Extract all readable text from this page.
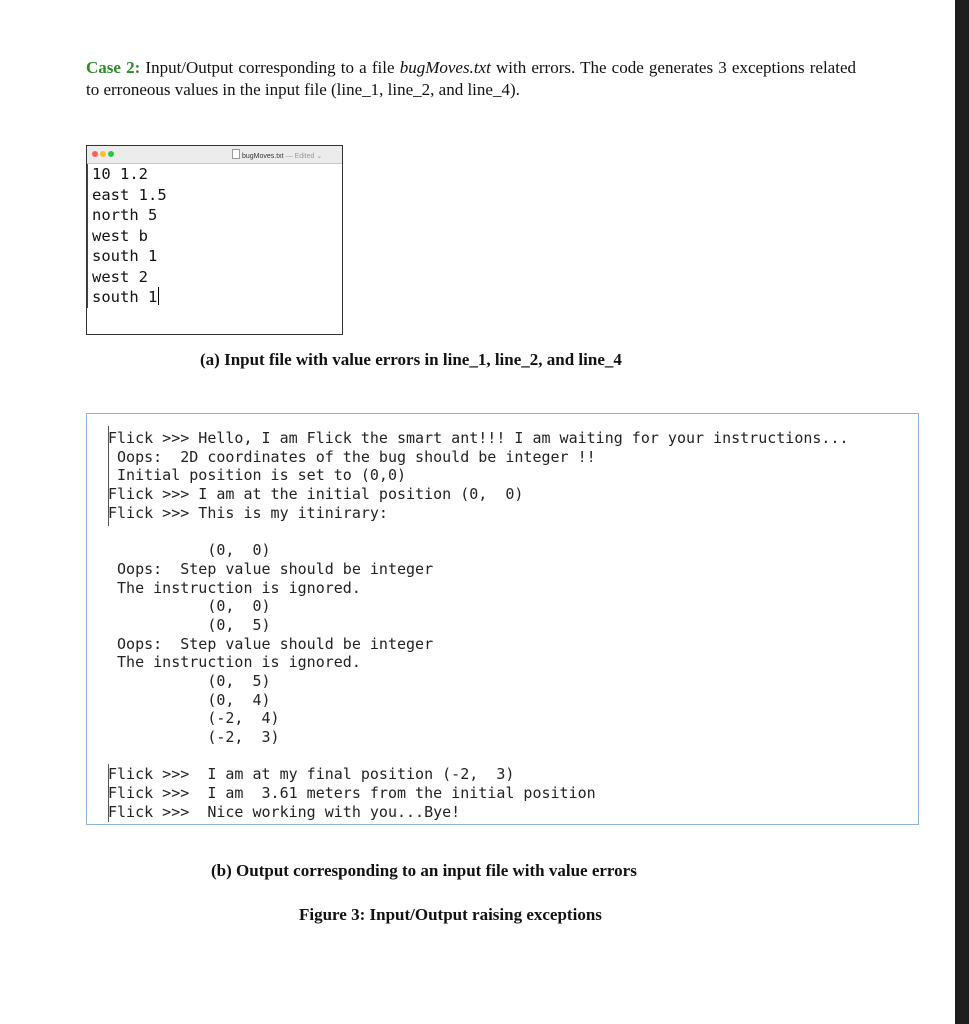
Case 2: Input/Output corresponding to a file bugMoves.txt with errors. The code generates 3 exceptions related to erroneous values in the input file (line_1, line_2, and line_4).

bugMoves.txt — Edited ⌄
10 1.2
east 1.5
north 5
west b
south 1
west 2
south 1
(a) Input file with value errors in line_1, line_2, and line_4
Flick >>> Hello, I am Flick the smart ant!!! I am waiting for your instructions...
Oops:  2D coordinates of the bug should be integer !!
Initial position is set to (0,0)
Flick >>> I am at the initial position (0,  0)
Flick >>> This is my itinirary:
(0,  0)
Oops:  Step value should be integer
The instruction is ignored.
(0,  0)
(0,  5)
Oops:  Step value should be integer
The instruction is ignored.
(0,  5)
(0,  4)
(-2,  4)
(-2,  3)
Flick >>>  I am at my final position (-2,  3)
Flick >>>  I am  3.61 meters from the initial position
Flick >>>  Nice working with you...Bye!
(b) Output corresponding to an input file with value errors
Figure 3: Input/Output raising exceptions
